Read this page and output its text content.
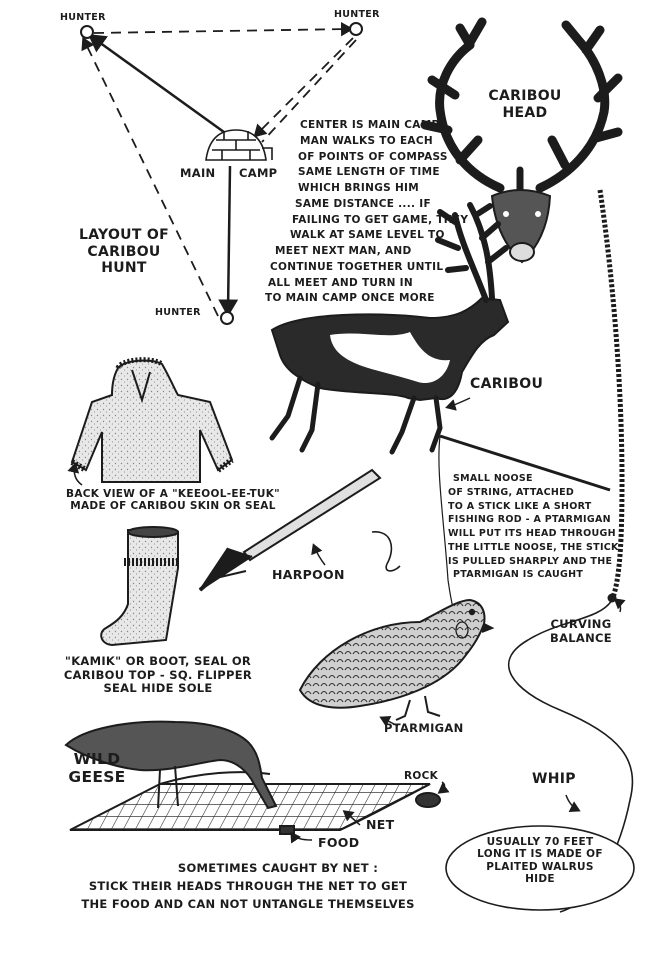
HUNTER	HUNTER
HUNTER
MAIN CAMP
LAYOUT OF
CARIBOU
HUNT
CENTER IS MAIN CAMP;
MAN WALKS TO EACH
OF POINTS OF COMPASS
SAME LENGTH OF TIME
WHICH BRINGS HIM
SAME DISTANCE .... IF
FAILING TO GET GAME, THEY
WALK AT SAME LEVEL TO
MEET NEXT MAN, AND
CONTINUE TOGETHER UNTIL
ALL MEET AND TURN IN
TO MAIN CAMP ONCE MORE
CARIBOU
HEAD
CARIBOU
BACK VIEW OF A "KEEOOL-EE-TUK"
MADE OF CARIBOU SKIN OR SEAL
HARPOON
SMALL NOOSE
OF STRING, ATTACHED
TO A STICK LIKE A SHORT
FISHING ROD - A PTARMIGAN
WILL PUT ITS HEAD THROUGH
THE LITTLE NOOSE, THE STICK
IS PULLED SHARPLY AND THE
PTARMIGAN IS CAUGHT
CURVING
BALANCE
"KAMIK" OR BOOT, SEAL OR
CARIBOU TOP - SQ. FLIPPER
SEAL HIDE SOLE
PTARMIGAN
WILD
GEESE	ROCK
NET
FOOD
SOMETIMES CAUGHT BY NET :
STICK THEIR HEADS THROUGH THE NET TO GET
THE FOOD AND CAN NOT UNTANGLE THEMSELVES
WHIP
USUALLY 70 FEET
LONG IT IS MADE OF
PLAITED WALRUS
HIDE
